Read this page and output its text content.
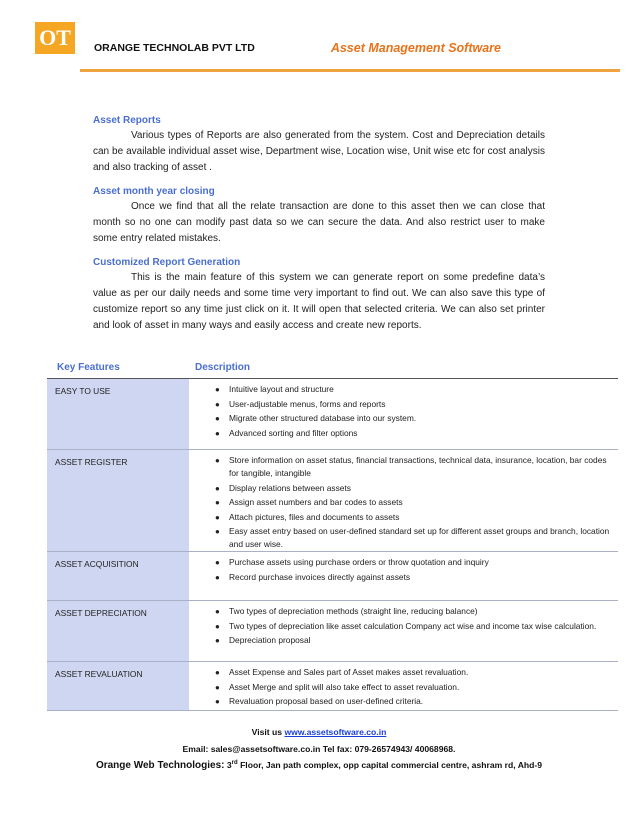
OT ORANGE TECHNOLAB PVT LTD	Asset Management Software
Asset Reports
Various types of Reports are also generated from the system. Cost and Depreciation details can be available individual asset wise, Department wise, Location wise, Unit wise etc for cost analysis and also tracking of asset .
Asset month year closing
Once we find that all the relate transaction are done to this asset then we can close that month so no one can modify past data so we can secure the data. And also restrict user to make some entry related mistakes.
Customized Report Generation
This is the main feature of this system we can generate report on some predefine data’s value as per our daily needs and some time very important to find out. We can also save this type of customize report so any time just click on it. It will open that selected criteria. We can also set printer and look of asset in many ways and easily access and create new reports.
Key Features	Description
EASY TO USE	● Intuitive layout and structure
● User-adjustable menus, forms and reports
● Migrate other structured database into our system.
● Advanced sorting and filter options
ASSET REGISTER	● Store information on asset status, financial transactions, technical data, insurance, location, bar codes for tangible, intangible
● Display relations between assets
● Assign asset numbers and bar codes to assets
● Attach pictures, files and documents to assets
● Easy asset entry based on user-defined standard set up for different asset groups and branch, location and user wise.
ASSET ACQUISITION	● Purchase assets using purchase orders or throw quotation and inquiry
● Record purchase invoices directly against assets
ASSET DEPRECIATION	● Two types of depreciation methods (straight line, reducing balance)
● Two types of depreciation like asset calculation Company act wise and income tax wise calculation.
● Depreciation proposal
ASSET REVALUATION	● Asset Expense and Sales part of Asset makes asset revaluation.
● Asset Merge and split will also take effect to asset revaluation.
● Revaluation proposal based on user-defined criteria.
Visit us www.assetsoftware.co.in
Email: sales@assetsoftware.co.in Tel fax: 079-26574943/ 40068968.
Orange Web Technologies: 3rd Floor, Jan path complex, opp capital commercial centre, ashram rd, Ahd-9
